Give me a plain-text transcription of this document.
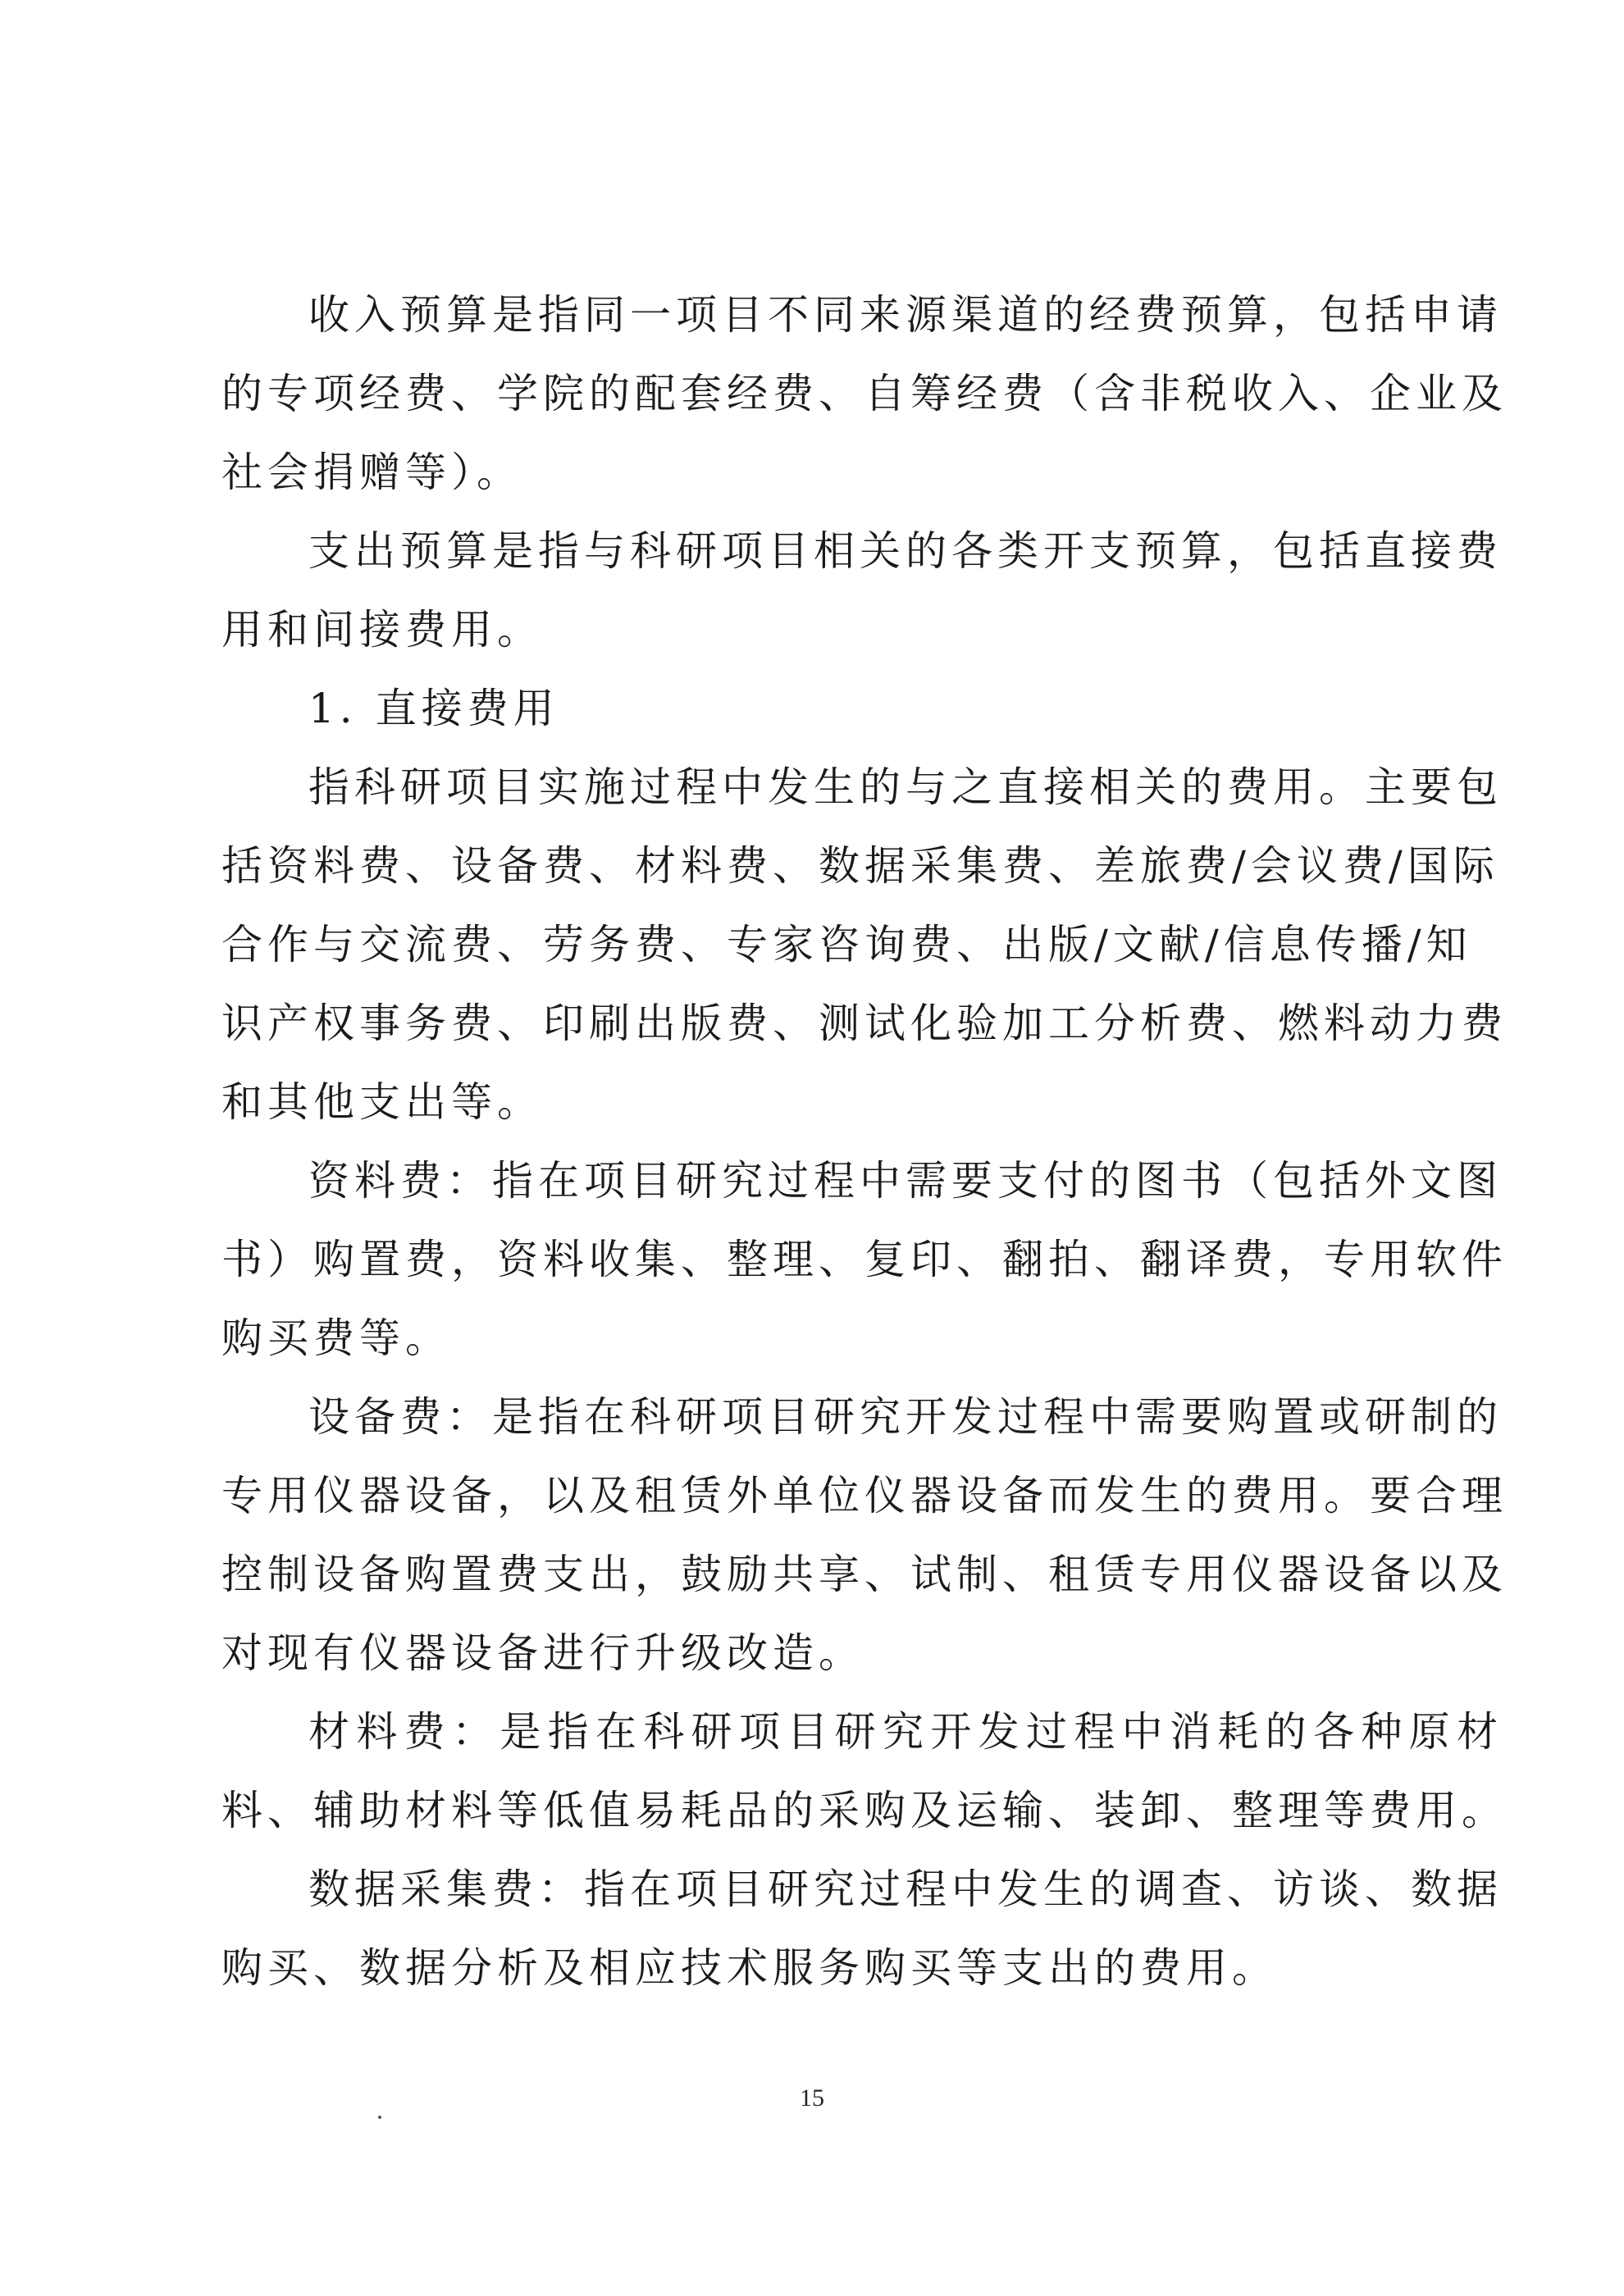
收入预算是指同一项目不同来源渠道的经费预算，包括申请
的专项经费、学院的配套经费、自筹经费（含非税收入、企业及
社会捐赠等）。
支出预算是指与科研项目相关的各类开支预算，包括直接费
用和间接费用。
1. 直接费用
指科研项目实施过程中发生的与之直接相关的费用。主要包
括资料费、设备费、材料费、数据采集费、差旅费/会议费/国际
合作与交流费、劳务费、专家咨询费、出版/文献/信息传播/知
识产权事务费、印刷出版费、测试化验加工分析费、燃料动力费
和其他支出等。
资料费：指在项目研究过程中需要支付的图书（包括外文图
书）购置费，资料收集、整理、复印、翻拍、翻译费，专用软件
购买费等。
设备费：是指在科研项目研究开发过程中需要购置或研制的
专用仪器设备，以及租赁外单位仪器设备而发生的费用。要合理
控制设备购置费支出，鼓励共享、试制、租赁专用仪器设备以及
对现有仪器设备进行升级改造。
材料费：是指在科研项目研究开发过程中消耗的各种原材
料、辅助材料等低值易耗品的采购及运输、装卸、整理等费用。
数据采集费：指在项目研究过程中发生的调查、访谈、数据
购买、数据分析及相应技术服务购买等支出的费用。
15
